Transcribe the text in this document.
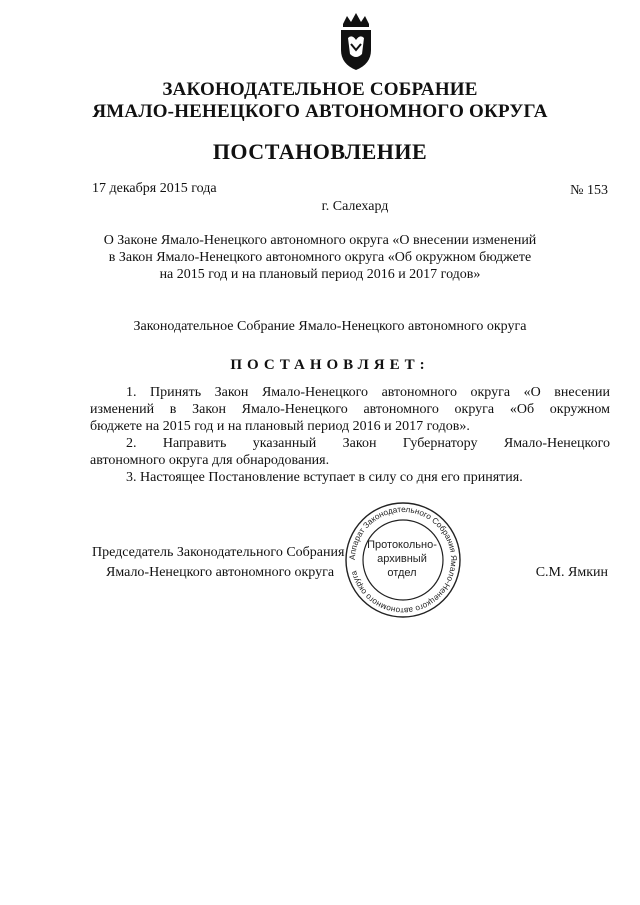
ЗАКОНОДАТЕЛЬНОЕ СОБРАНИЕ
ЯМАЛО-НЕНЕЦКОГО АВТОНОМНОГО ОКРУГА
ПОСТАНОВЛЕНИЕ
17 декабря 2015 года	№ 153
г. Салехард
О Законе Ямало-Ненецкого автономного округа «О внесении изменений
в Закон Ямало-Ненецкого автономного округа «Об окружном бюджете
на 2015 год и на плановый период 2016 и 2017 годов»
Законодательное Собрание Ямало-Ненецкого автономного округа
ПОСТАНОВЛЯЕТ:
1. Принять Закон Ямало-Ненецкого автономного округа «О внесении
изменений в Закон Ямало-Ненецкого автономного округа «Об окружном
бюджете на 2015 год и на плановый период 2016 и 2017 годов».
2. Направить указанный Закон Губернатору Ямало-Ненецкого
автономного округа для обнародования.
3. Настоящее Постановление вступает в силу со дня его принятия.
Председатель Законодательного Собрания
Ямало-Ненецкого автономного округа	С.М. Ямкин
Аппарат Законодательного Собрания Ямало-Ненецкого автономного округа
Протокольно-
архивный
отдел
